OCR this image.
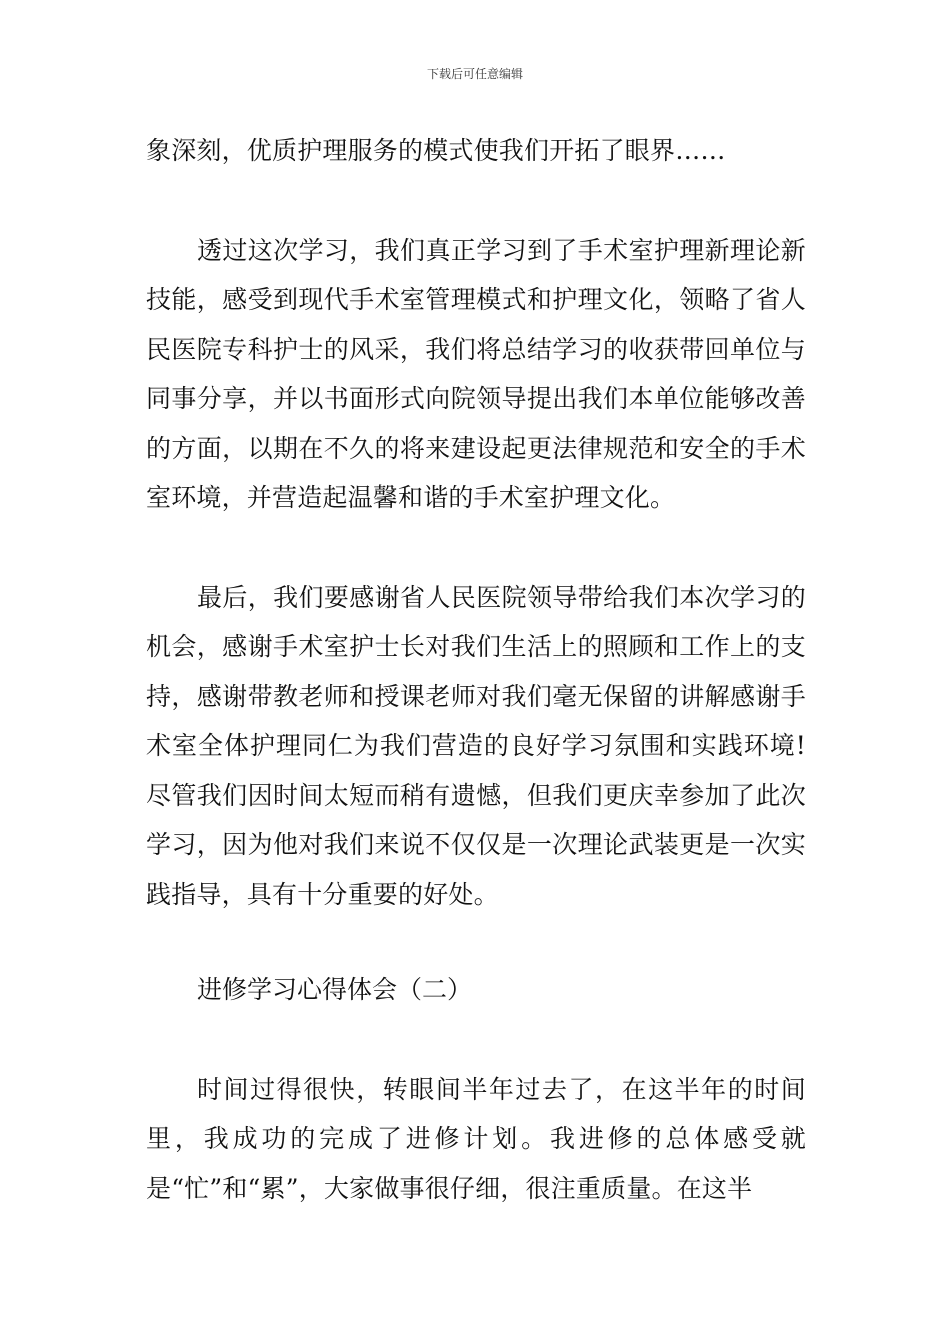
下载后可任意编辑

象深刻，优质护理服务的模式使我们开拓了眼界……

透过这次学习，我们真正学习到了手术室护理新理论新技能，感受到现代手术室管理模式和护理文化，领略了省人民医院专科护士的风采，我们将总结学习的收获带回单位与同事分享，并以书面形式向院领导提出我们本单位能够改善的方面，以期在不久的将来建设起更法律规范和安全的手术室环境，并营造起温馨和谐的手术室护理文化。

最后，我们要感谢省人民医院领导带给我们本次学习的机会，感谢手术室护士长对我们生活上的照顾和工作上的支持，感谢带教老师和授课老师对我们毫无保留的讲解感谢手术室全体护理同仁为我们营造的良好学习氛围和实践环境!尽管我们因时间太短而稍有遗憾，但我们更庆幸参加了此次学习，因为他对我们来说不仅仅是一次理论武装更是一次实践指导，具有十分重要的好处。

进修学习心得体会（二）

时间过得很快，转眼间半年过去了，在这半年的时间里，我成功的完成了进修计划。我进修的总体感受就是“忙”和“累”，大家做事很仔细，很注重质量。在这半
